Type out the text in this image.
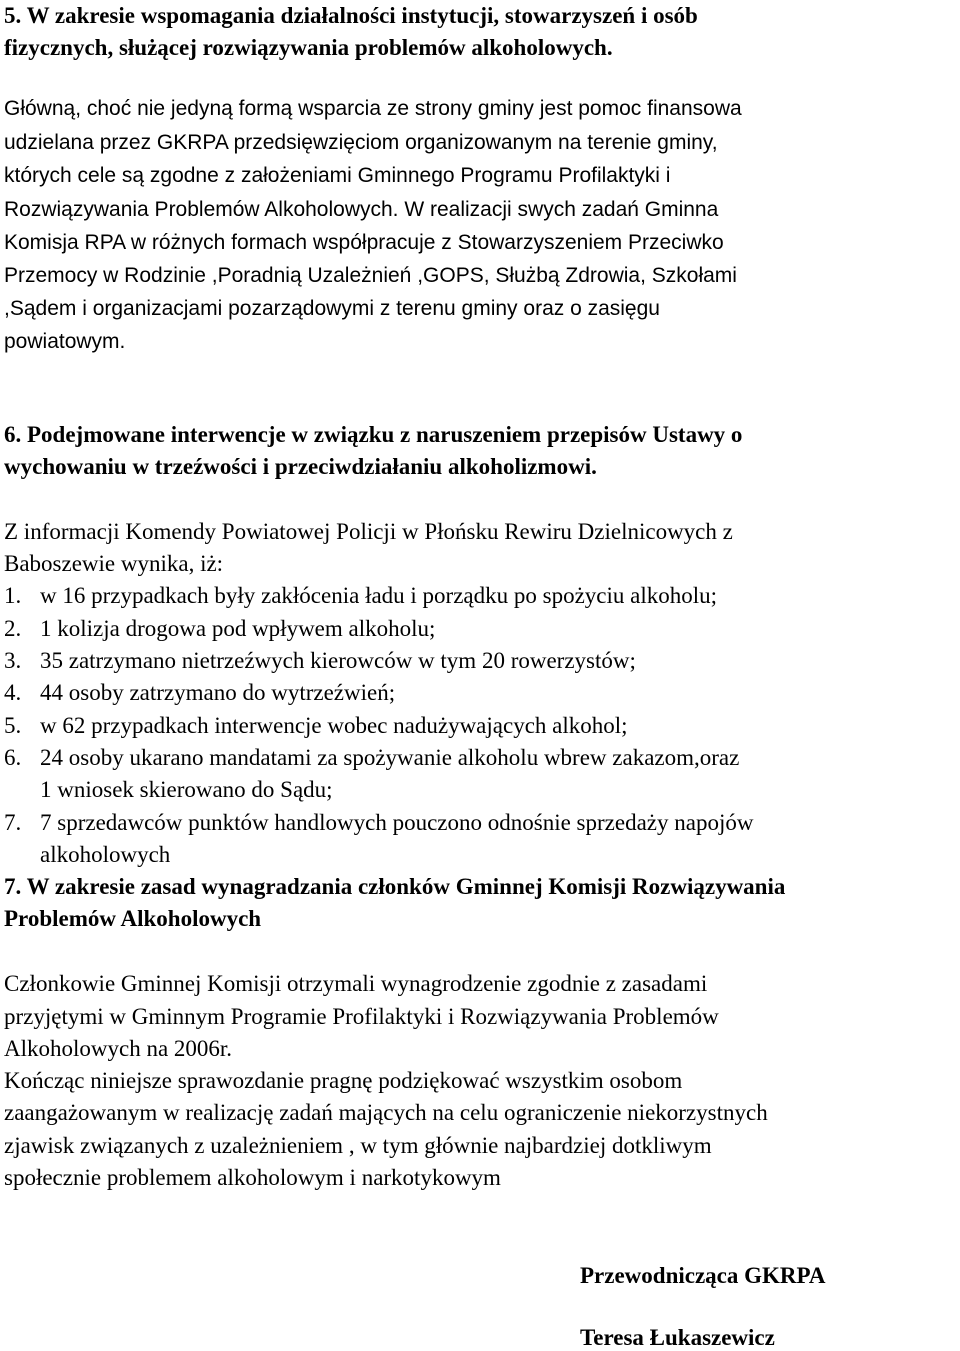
5. W zakresie wspomagania działalności instytucji, stowarzyszeń i osób
fizycznych, służącej rozwiązywania problemów alkoholowych.
Główną, choć nie jedyną formą wsparcia ze strony gminy jest pomoc finansowa
udzielana przez GKRPA przedsięwzięciom organizowanym na terenie gminy,
których cele są zgodne z założeniami Gminnego Programu Profilaktyki i
Rozwiązywania Problemów Alkoholowych. W realizacji swych zadań Gminna
Komisja RPA w różnych formach współpracuje z Stowarzyszeniem Przeciwko
Przemocy w Rodzinie ,Poradnią Uzależnień ,GOPS, Służbą Zdrowia, Szkołami
,Sądem i organizacjami pozarządowymi z terenu gminy oraz o zasięgu
powiatowym.
6. Podejmowane interwencje w związku z naruszeniem przepisów Ustawy o
wychowaniu w trzeźwości i przeciwdziałaniu alkoholizmowi.
Z informacji Komendy Powiatowej Policji w Płońsku Rewiru Dzielnicowych z
Baboszewie wynika, iż:
1. w 16 przypadkach były zakłócenia ładu i porządku po spożyciu alkoholu;
2. 1 kolizja drogowa pod wpływem alkoholu;
3. 35 zatrzymano nietrzeźwych kierowców w tym 20 rowerzystów;
4. 44 osoby zatrzymano do wytrzeźwień;
5. w 62 przypadkach interwencje wobec nadużywających alkohol;
6. 24 osoby ukarano mandatami za spożywanie alkoholu wbrew zakazom,oraz
1 wniosek skierowano do Sądu;
7. 7 sprzedawców punktów handlowych pouczono odnośnie sprzedaży napojów
alkoholowych
7. W zakresie zasad wynagradzania członków Gminnej Komisji Rozwiązywania
Problemów Alkoholowych
Członkowie Gminnej Komisji otrzymali wynagrodzenie zgodnie z zasadami
przyjętymi w Gminnym Programie Profilaktyki i Rozwiązywania Problemów
Alkoholowych na 2006r.
Kończąc niniejsze sprawozdanie pragnę podziękować wszystkim osobom
zaangażowanym w realizację zadań mających na celu ograniczenie niekorzystnych
zjawisk związanych z uzależnieniem , w tym głównie najbardziej dotkliwym
społecznie problemem alkoholowym i narkotykowym
Przewodnicząca GKRPA
Teresa Łukaszewicz
